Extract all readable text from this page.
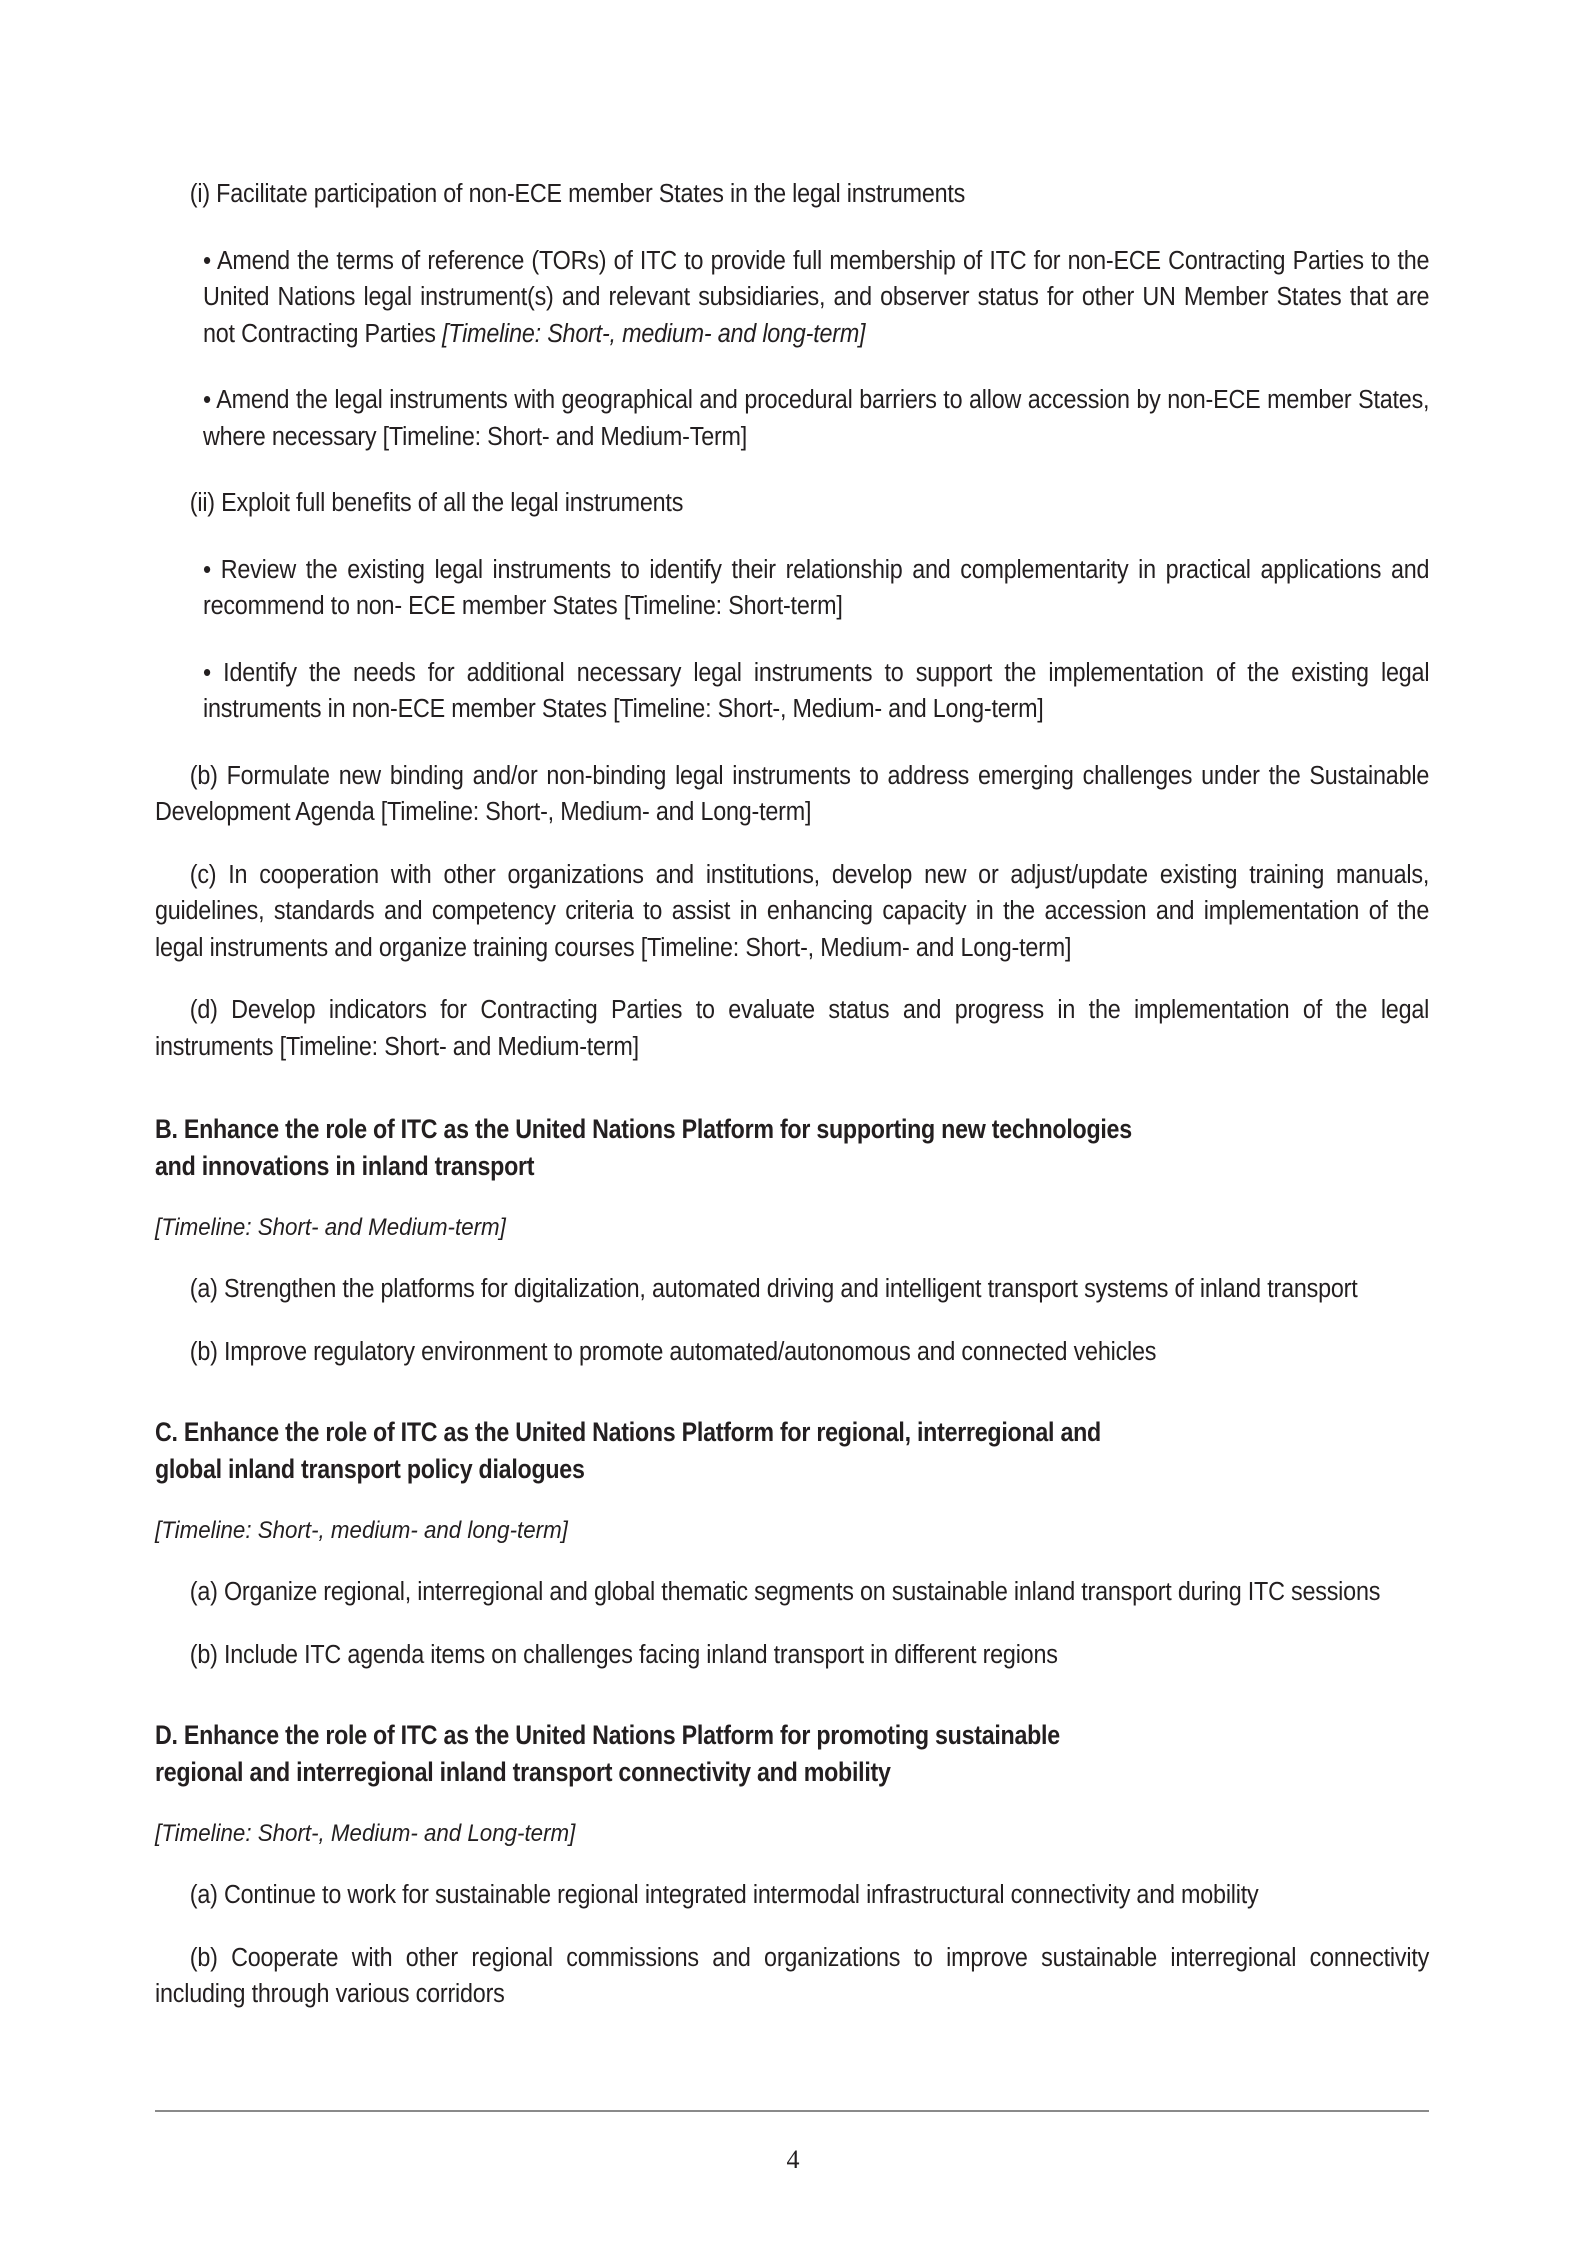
(i) Facilitate participation of non-ECE member States in the legal instruments

• Amend the terms of reference (TORs) of ITC to provide full membership of ITC for non-ECE Contracting Parties to the United Nations legal instrument(s) and relevant subsidiaries, and observer status for other UN Member States that are not Contracting Parties [Timeline: Short-, medium- and long-term]

• Amend the legal instruments with geographical and procedural barriers to allow accession by non-ECE member States, where necessary [Timeline: Short- and Medium-Term]

(ii) Exploit full benefits of all the legal instruments

• Review the existing legal instruments to identify their relationship and complementarity in practical applications and recommend to non- ECE member States [Timeline: Short-term]

• Identify the needs for additional necessary legal instruments to support the implementation of the existing legal instruments in non-ECE member States [Timeline: Short-, Medium- and Long-term]

(b) Formulate new binding and/or non-binding legal instruments to address emerging challenges under the Sustainable Development Agenda [Timeline: Short-, Medium- and Long-term]

(c) In cooperation with other organizations and institutions, develop new or adjust/update existing training manuals, guidelines, standards and competency criteria to assist in enhancing capacity in the accession and implementation of the legal instruments and organize training courses [Timeline: Short-, Medium- and Long-term]

(d) Develop indicators for Contracting Parties to evaluate status and progress in the implementation of the legal instruments [Timeline: Short- and Medium-term]

B. Enhance the role of ITC as the United Nations Platform for supporting new technologies
and innovations in inland transport

[Timeline: Short- and Medium-term]

(a) Strengthen the platforms for digitalization, automated driving and intelligent transport systems of inland transport

(b) Improve regulatory environment to promote automated/autonomous and connected vehicles

C. Enhance the role of ITC as the United Nations Platform for regional, interregional and
global inland transport policy dialogues

[Timeline: Short-, medium- and long-term]

(a) Organize regional, interregional and global thematic segments on sustainable inland transport during ITC sessions

(b) Include ITC agenda items on challenges facing inland transport in different regions

D. Enhance the role of ITC as the United Nations Platform for promoting sustainable
regional and interregional inland transport connectivity and mobility

[Timeline: Short-, Medium- and Long-term]

(a) Continue to work for sustainable regional integrated intermodal infrastructural connectivity and mobility

(b) Cooperate with other regional commissions and organizations to improve sustainable interregional connectivity including through various corridors

4
